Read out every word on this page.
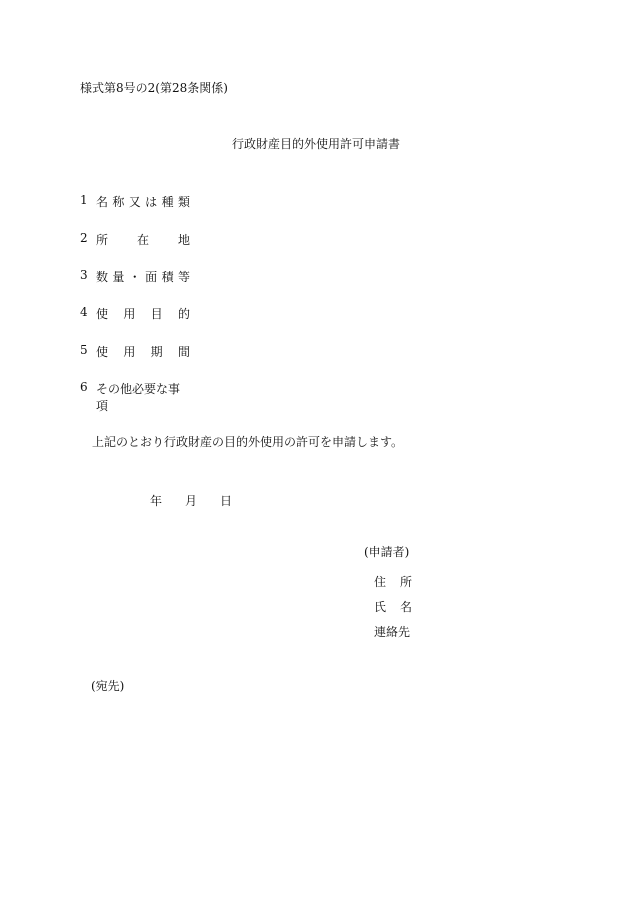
様式第8号の2(第28条関係)
行政財産目的外使用許可申請書
1 名 称 又 は 種 類
2 所 在 地
3 数 量 ・ 面 積 等
4 使 用 目 的
5 使 用 期 間
6 その他必要な事項
上記のとおり行政財産の目的外使用の許可を申請します。
年 月 日
(申請者)
住 所
氏 名
連絡先
(宛先)
